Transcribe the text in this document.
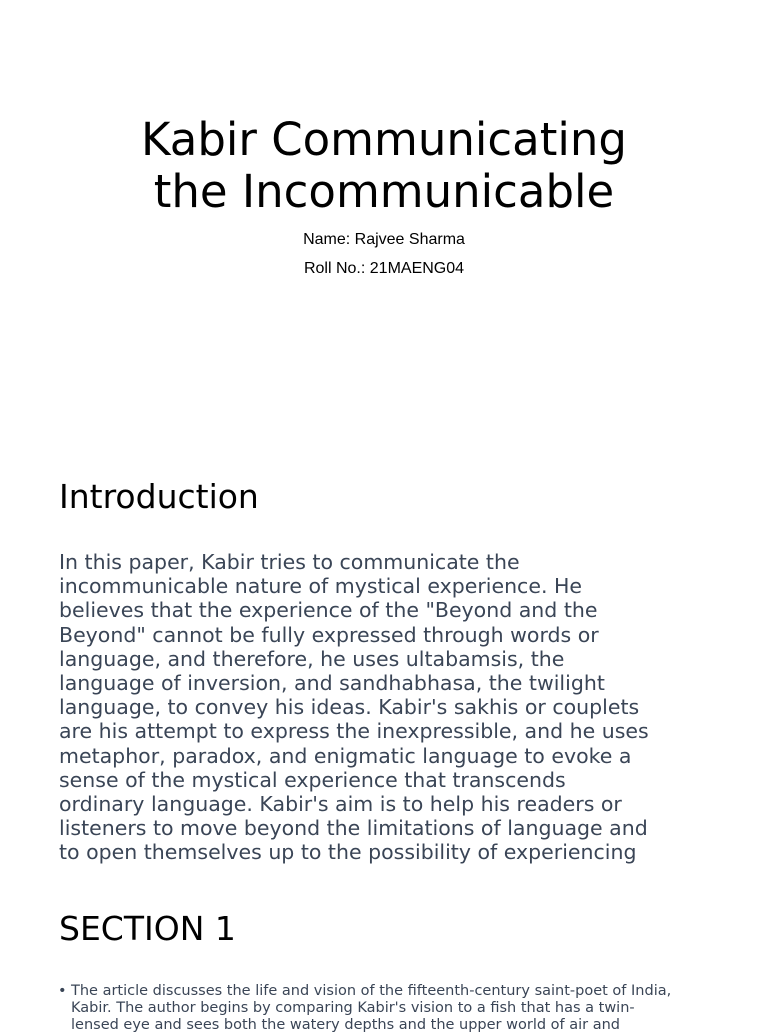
Kabir Communicating
the Incommunicable
Name: Rajvee Sharma
Roll No.: 21MAENG04
Introduction
In this paper, Kabir tries to communicate the
incommunicable nature of mystical experience. He
believes that the experience of the "Beyond and the
Beyond" cannot be fully expressed through words or
language, and therefore, he uses ultabamsis, the
language of inversion, and sandhabhasa, the twilight
language, to convey his ideas. Kabir's sakhis or couplets
are his attempt to express the inexpressible, and he uses
metaphor, paradox, and enigmatic language to evoke a
sense of the mystical experience that transcends
ordinary language. Kabir's aim is to help his readers or
listeners to move beyond the limitations of language and
to open themselves up to the possibility of experiencing
SECTION 1
• The article discusses the life and vision of the fifteenth-century saint-poet of India,
Kabir. The author begins by comparing Kabir's vision to a fish that has a twin-
lensed eye and sees both the watery depths and the upper world of air and
